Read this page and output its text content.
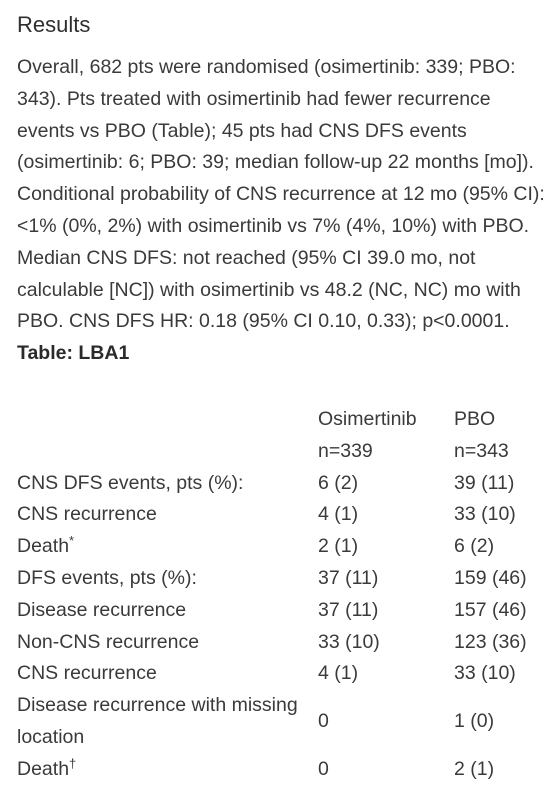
Results

Overall, 682 pts were randomised (osimertinib: 339; PBO: 343). Pts treated with osimertinib had fewer recurrence events vs PBO (Table); 45 pts had CNS DFS events (osimertinib: 6; PBO: 39; median follow-up 22 months [mo]). Conditional probability of CNS recurrence at 12 mo (95% CI): <1% (0%, 2%) with osimertinib vs 7% (4%, 10%) with PBO. Median CNS DFS: not reached (95% CI 39.0 mo, not calculable [NC]) with osimertinib vs 48.2 (NC, NC) mo with PBO. CNS DFS HR: 0.18 (95% CI 0.10, 0.33); p<0.0001. Table: LBA1

	Osimertinib	PBO
	n=339	n=343
CNS DFS events, pts (%):	6 (2)	39 (11)
CNS recurrence	4 (1)	33 (10)
Death*	2 (1)	6 (2)
DFS events, pts (%):	37 (11)	159 (46)
Disease recurrence	37 (11)	157 (46)
Non-CNS recurrence	33 (10)	123 (36)
CNS recurrence	4 (1)	33 (10)
Disease recurrence with missing location	0	1 (0)
Death†	0	2 (1)
